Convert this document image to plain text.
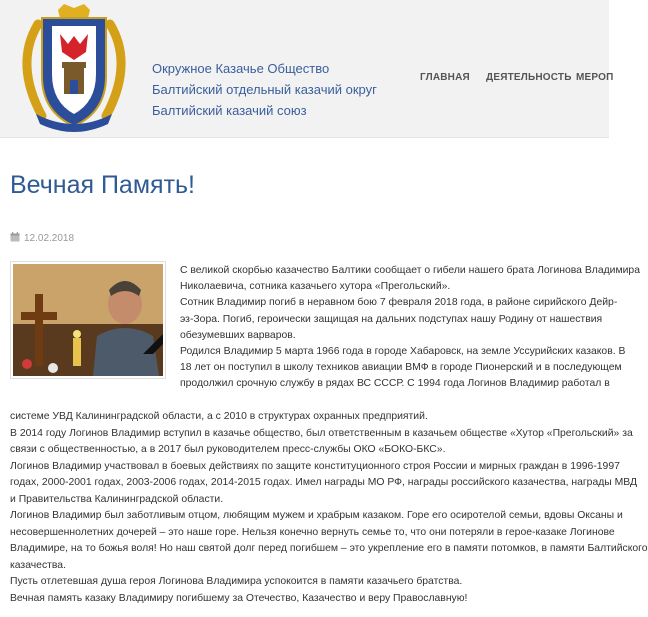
Окружное Казачье Общество
Балтийский отдельный казачий округ
Балтийский казачий союз
ГЛАВНАЯ ДЕЯТЕЛЬНОСТЬ МЕРОП
Вечная Память!
12.02.2018
С великой скорбью казачество Балтики сообщает о гибели нашего брата Логинова Владимира
Николаевича, сотника казачьего хутора «Прегольский».
Сотник Владимир погиб в неравном бою 7 февраля 2018 года, в районе сирийского Дейр-
эз-Зора. Погиб, героически защищая на дальних подступах нашу Родину от нашествия
обезумевших варваров.
Родился Владимир 5 марта 1966 года в городе Хабаровск, на земле Уссурийских казаков. В
18 лет он поступил в школу техников авиации ВМФ в городе Пионерский и в последующем
продолжил срочную службу в рядах ВС СССР. С 1994 года Логинов Владимир работал в
системе УВД Калининградской области, а с 2010 в структурах охранных предприятий.
В 2014 году Логинов Владимир вступил в казачье общество, был ответственным в казачьем обществе «Хутор «Прегольский» за
связи с общественностью, а в 2017 был руководителем пресс-службы ОКО «БОКО-БКС».
Логинов Владимир участвовал в боевых действиях по защите конституционного строя России и мирных граждан в 1996-1997
годах, 2000-2001 годах, 2003-2006 годах, 2014-2015 годах. Имел награды МО РФ, награды российского казачества, награды МВД
и Правительства Калининградской области.
Логинов Владимир был заботливым отцом, любящим мужем и храбрым казаком. Горе его осиротелой семьи, вдовы Оксаны и
несовершеннолетних дочерей – это наше горе. Нельзя конечно вернуть семье то, что они потеряли в герое-казаке Логинове
Владимире, на то божья воля! Но наш святой долг перед погибшем – это укрепление его в памяти потомков, в памяти Балтийского
казачества.
Пусть отлетевшая душа героя Логинова Владимира успокоится в памяти казачьего братства.
Вечная память казаку Владимиру погибшему за Отечество, Казачество и веру Православную!
